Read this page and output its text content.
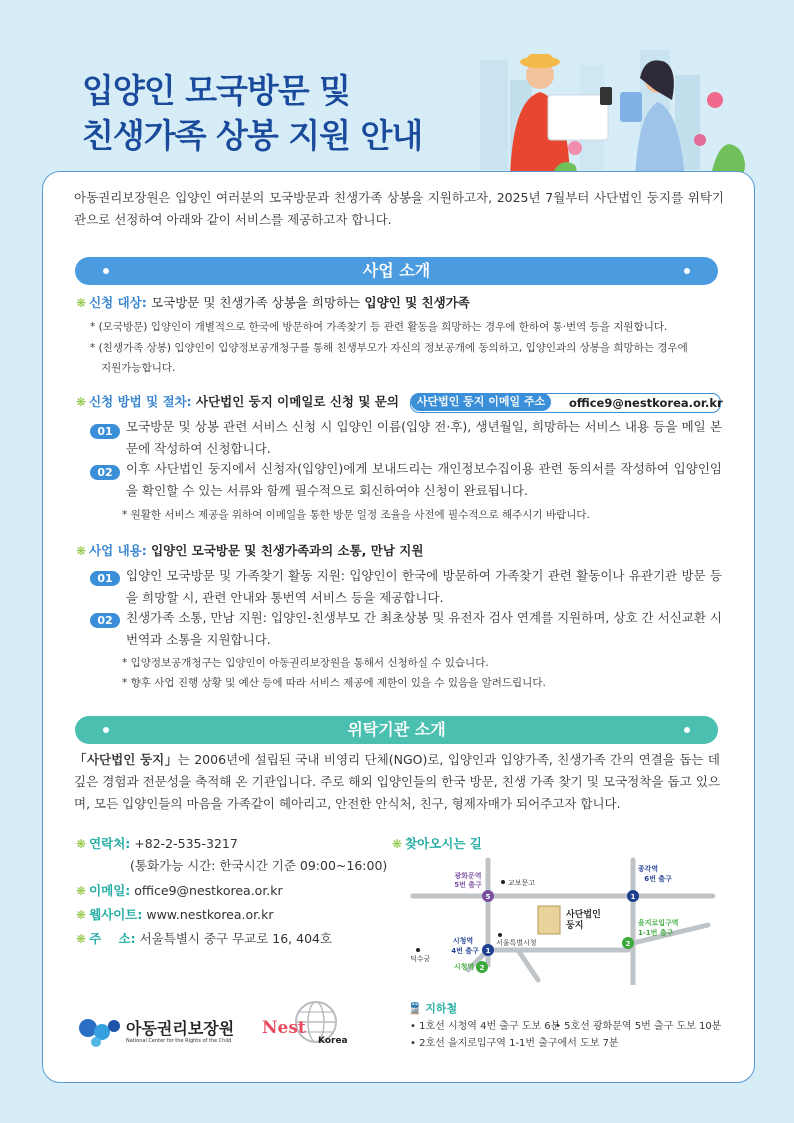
입양인 모국방문 및
친생가족 상봉 지원 안내
아동권리보장원은 입양인 여러분의 모국방문과 친생가족 상봉을 지원하고자, 2025년 7월부터 사단법인 둥지를 위탁기관으로 선정하여 아래와 같이 서비스를 제공하고자 합니다.
사업 소개
❋ 신청 대상: 모국방문 및 친생가족 상봉을 희망하는 입양인 및 친생가족
* (모국방문) 입양인이 개별적으로 한국에 방문하여 가족찾기 등 관련 활동을 희망하는 경우에 한하여 통·번역 등을 지원합니다.
* (친생가족 상봉) 입양인이 입양정보공개청구를 통해 친생부모가 자신의 정보공개에 동의하고, 입양인과의 상봉을 희망하는 경우에
지원가능합니다.
❋ 신청 방법 및 절차: 사단법인 둥지 이메일로 신청 및 문의	사단법인 둥지 이메일 주소	office9@nestkorea.or.kr
01	모국방문 및 상봉 관련 서비스 신청 시 입양인 이름(입양 전·후), 생년월일, 희망하는 서비스 내용 등을 메일 본문에 작성하여 신청합니다.
02	이후 사단법인 둥지에서 신청자(입양인)에게 보내드리는 개인정보수집이용 관련 동의서를 작성하여 입양인임을 확인할 수 있는 서류와 함께 필수적으로 회신하여야 신청이 완료됩니다.
* 원활한 서비스 제공을 위하여 이메일을 통한 방문 일정 조율을 사전에 필수적으로 해주시기 바랍니다.
❋ 사업 내용: 입양인 모국방문 및 친생가족과의 소통, 만남 지원
01	입양인 모국방문 및 가족찾기 활동 지원: 입양인이 한국에 방문하여 가족찾기 관련 활동이나 유관기관 방문 등을 희망할 시, 관련 안내와 통번역 서비스 등을 제공합니다.
02	친생가족 소통, 만남 지원: 입양인-친생부모 간 최초상봉 및 유전자 검사 연계를 지원하며, 상호 간 서신교환 시 번역과 소통을 지원합니다.
* 입양정보공개청구는 입양인이 아동권리보장원을 통해서 신청하실 수 있습니다.
* 향후 사업 진행 상황 및 예산 등에 따라 서비스 제공에 제한이 있을 수 있음을 알려드립니다.
위탁기관 소개
「사단법인 둥지」는 2006년에 설립된 국내 비영리 단체(NGO)로, 입양인과 입양가족, 친생가족 간의 연결을 돕는 데 깊은 경험과 전문성을 축적해 온 기관입니다. 주로 해외 입양인들의 한국 방문, 친생 가족 찾기 및 모국정착을 돕고 있으며, 모든 입양인들의 마음을 가족같이 헤아리고, 안전한 안식처, 친구, 형제자매가 되어주고자 합니다.
❋ 연락처: +82-2-535-3217
(통화가능 시간: 한국시간 기준 09:00~16:00)
❋ 이메일: office9@nestkorea.or.kr
❋ 웹사이트: www.nestkorea.or.kr
❋ 주    소: 서울특별시 중구 무교로 16, 404호
❋ 찾아오시는 길
5
광화문역 5번 출구	교보문고
1
종각역 6번 출구
사단법인 둥지
2
을지로입구역 1-1번 출구
1
시청역 4번 출구
서울특별시청
덕수궁
2
시청역
🚆 지하철
• 1호선 시청역 4번 출구 도보 6분
• 5호선 광화문역 5번 출구 도보 10분
• 2호선 을지로입구역 1-1번 출구에서 도보 7분
아동권리보장원
National Center for the Rights of the Child
Nest
Korea
